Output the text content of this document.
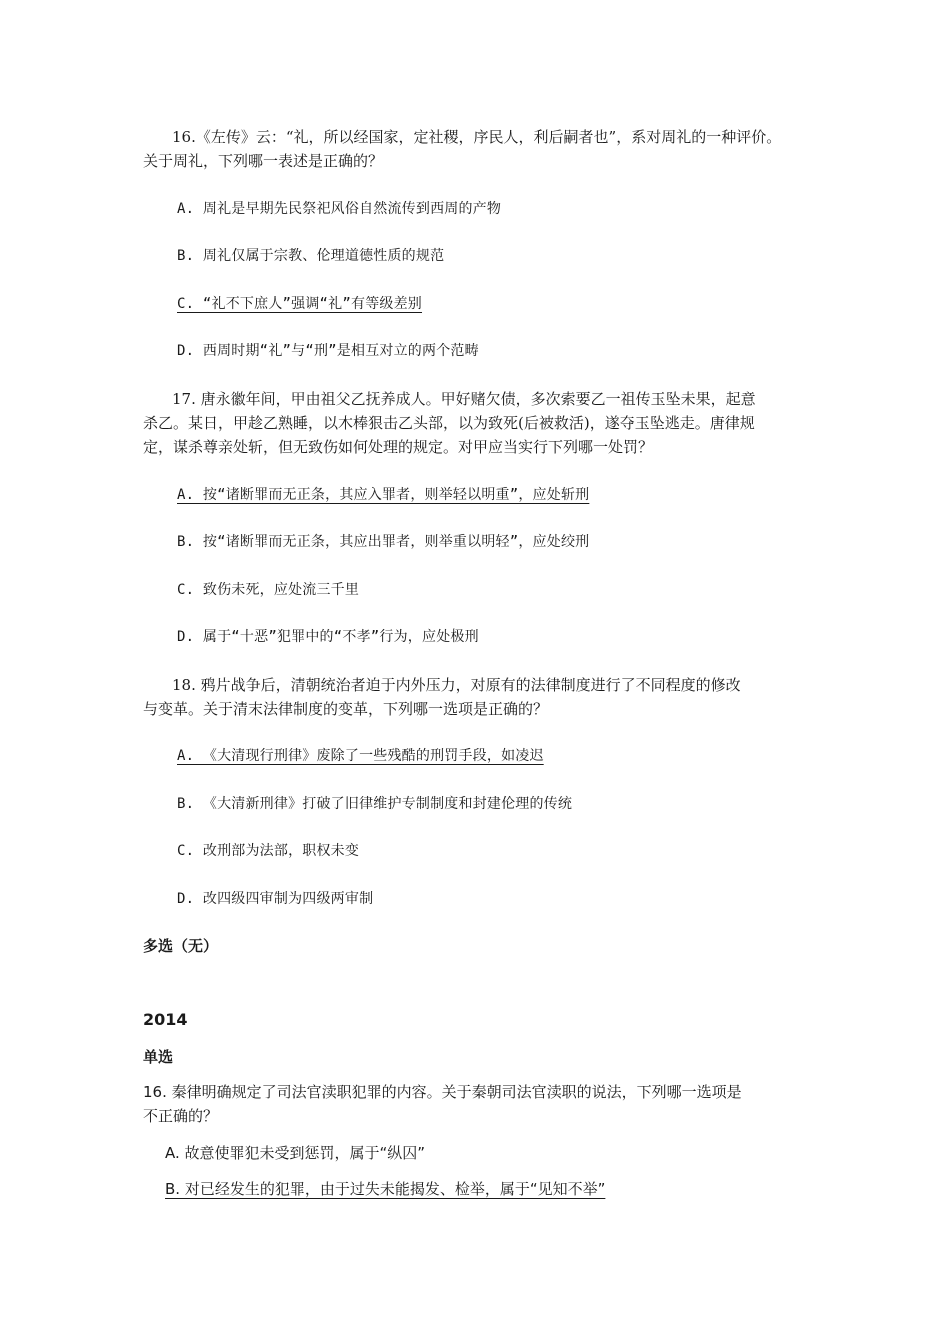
16.《左传》云：“礼，所以经国家，定社稷，序民人，利后嗣者也”，系对周礼的一种评价。
关于周礼，下列哪一表述是正确的？
A. 周礼是早期先民祭祀风俗自然流传到西周的产物
B. 周礼仅属于宗教、伦理道德性质的规范
C. “礼不下庶人”强调“礼”有等级差别
D. 西周时期“礼”与“刑”是相互对立的两个范畴
17. 唐永徽年间，甲由祖父乙抚养成人。甲好赌欠债，多次索要乙一祖传玉坠未果，起意
杀乙。某日，甲趁乙熟睡，以木棒狠击乙头部，以为致死(后被救活)，遂夺玉坠逃走。唐律规
定，谋杀尊亲处斩，但无致伤如何处理的规定。对甲应当实行下列哪一处罚？
A. 按“诸断罪而无正条，其应入罪者，则举轻以明重”，应处斩刑
B. 按“诸断罪而无正条，其应出罪者，则举重以明轻”，应处绞刑
C. 致伤未死，应处流三千里
D. 属于“十恶”犯罪中的“不孝”行为，应处极刑
18. 鸦片战争后，清朝统治者迫于内外压力，对原有的法律制度进行了不同程度的修改
与变革。关于清末法律制度的变革，下列哪一选项是正确的？
A. 《大清现行刑律》废除了一些残酷的刑罚手段，如凌迟
B. 《大清新刑律》打破了旧律维护专制制度和封建伦理的传统
C. 改刑部为法部，职权未变
D. 改四级四审制为四级两审制
多选（无）
2014
单选
16. 秦律明确规定了司法官渎职犯罪的内容。关于秦朝司法官渎职的说法，下列哪一选项是
不正确的？
A. 故意使罪犯未受到惩罚，属于“纵囚”
B. 对已经发生的犯罪，由于过失未能揭发、检举，属于“见知不举”
